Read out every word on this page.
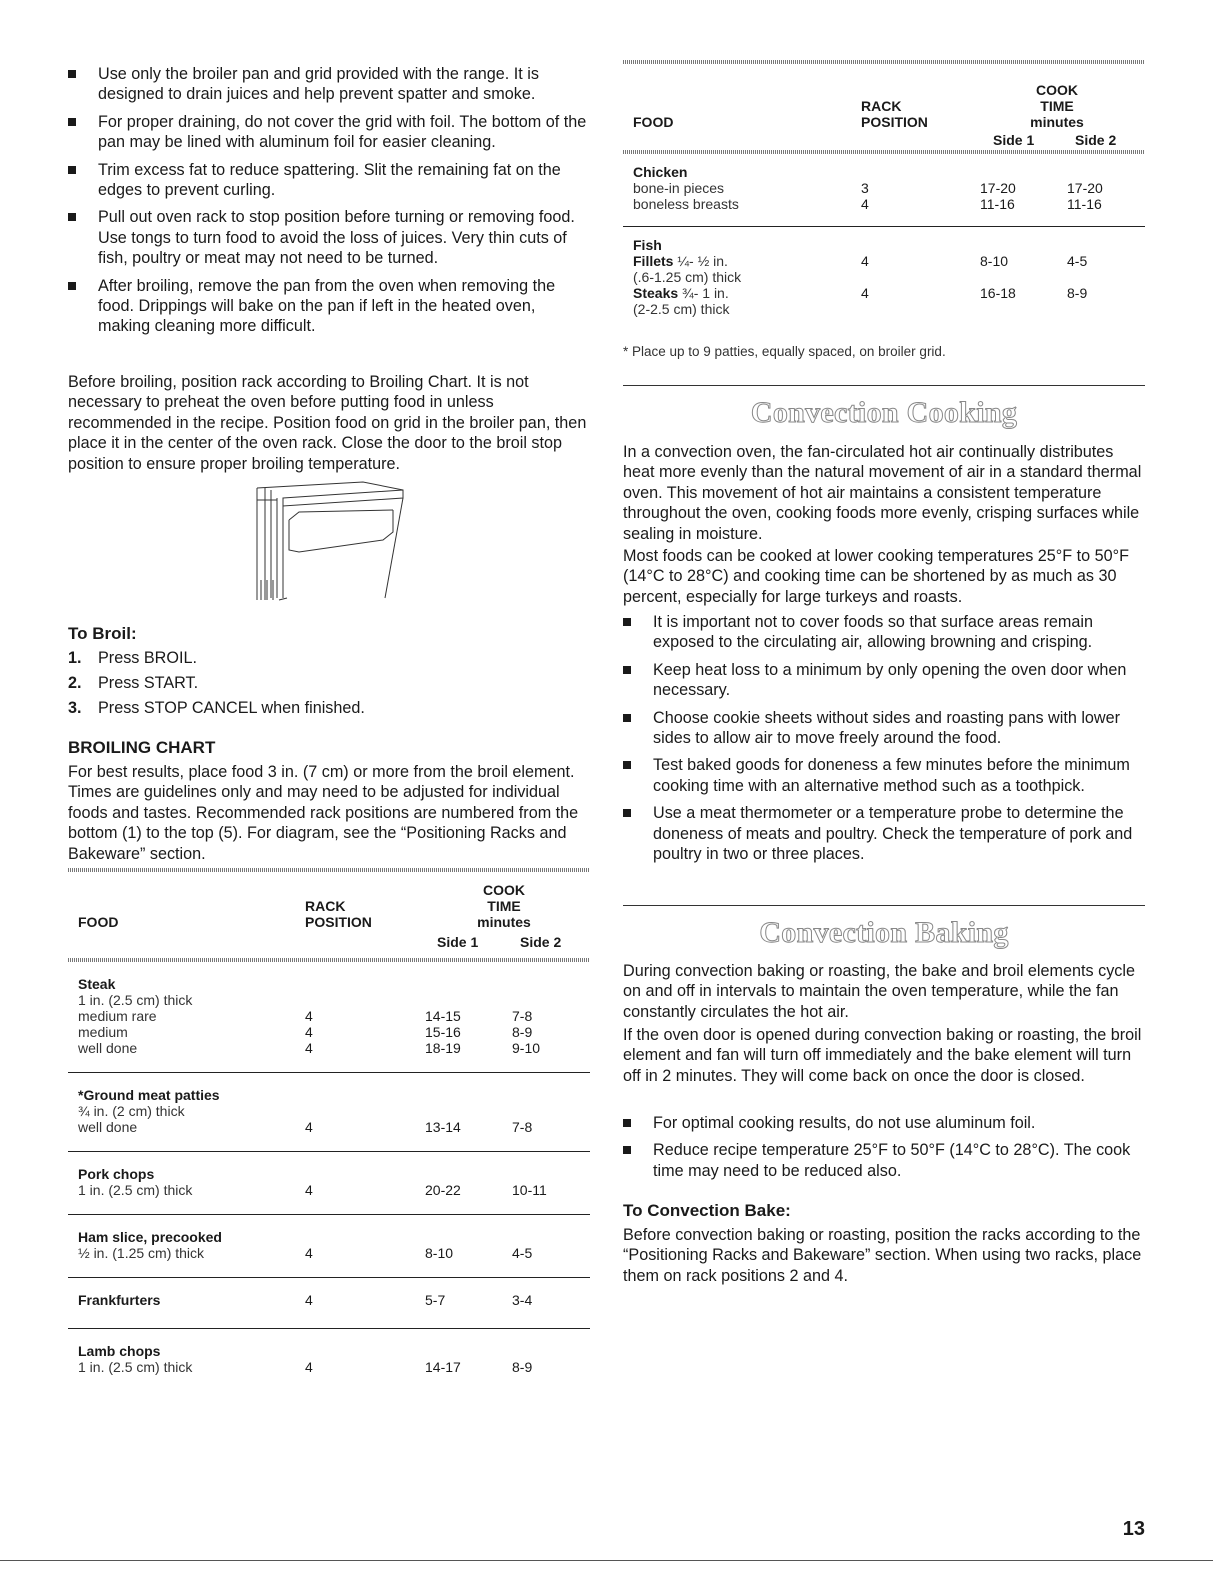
Use only the broiler pan and grid provided with the range. It is designed to drain juices and help prevent spatter and smoke.
For proper draining, do not cover the grid with foil. The bottom of the pan may be lined with aluminum foil for easier cleaning.
Trim excess fat to reduce spattering. Slit the remaining fat on the edges to prevent curling.
Pull out oven rack to stop position before turning or removing food. Use tongs to turn food to avoid the loss of juices. Very thin cuts of fish, poultry or meat may not need to be turned.
After broiling, remove the pan from the oven when removing the food. Drippings will bake on the pan if left in the heated oven, making cleaning more difficult.

Before broiling, position rack according to Broiling Chart. It is not necessary to preheat the oven before putting food in unless recommended in the recipe. Position food on grid in the broiler pan, then place it in the center of the oven rack. Close the door to the broil stop position to ensure proper broiling temperature.

To Broil:
1. Press BROIL.
2. Press START.
3. Press STOP CANCEL when finished.
BROILING CHART

For best results, place food 3 in. (7 cm) or more from the broil element. Times are guidelines only and may need to be adjusted for individual foods and tastes. Recommended rack positions are numbered from the bottom (1) to the top (5). For diagram, see the “Positioning Racks and Bakeware” section.

FOOD
RACK
POSITION
COOK
TIME
minutes
Side 1	Side 2
Steak
1 in. (2.5 cm) thick
medium rare	4	14-15	7-8
medium	4	15-16	8-9
well done	4	18-19	9-10
*Ground meat patties
¾ in. (2 cm) thick
well done	4	13-14	7-8
Pork chops
1 in. (2.5 cm) thick	4	20-22	10-11
Ham slice, precooked
½ in. (1.25 cm) thick	4	8-10	4-5
Frankfurters	4	5-7	3-4
Lamb chops
1 in. (2.5 cm) thick	4	14-17	8-9
FOOD
RACK
POSITION
COOK
TIME
minutes
Side 1	Side 2
Chicken
bone-in pieces	3	17-20	17-20
boneless breasts	4	11-16	11-16
Fish
Fillets ¼- ½ in.	4	8-10	4-5
(.6-1.25 cm) thick
Steaks ¾- 1 in.	4	16-18	8-9
(2-2.5 cm) thick

* Place up to 9 patties, equally spaced, on broiler grid.

Convection Cooking

In a convection oven, the fan-circulated hot air continually distributes heat more evenly than the natural movement of air in a standard thermal oven. This movement of hot air maintains a consistent temperature throughout the oven, cooking foods more evenly, crisping surfaces while sealing in moisture.

Most foods can be cooked at lower cooking temperatures 25°F to 50°F (14°C to 28°C) and cooking time can be shortened by as much as 30 percent, especially for large turkeys and roasts.

It is important not to cover foods so that surface areas remain exposed to the circulating air, allowing browning and crisping.
Keep heat loss to a minimum by only opening the oven door when necessary.
Choose cookie sheets without sides and roasting pans with lower sides to allow air to move freely around the food.
Test baked goods for doneness a few minutes before the minimum cooking time with an alternative method such as a toothpick.
Use a meat thermometer or a temperature probe to determine the doneness of meats and poultry. Check the temperature of pork and poultry in two or three places.
Convection Baking

During convection baking or roasting, the bake and broil elements cycle on and off in intervals to maintain the oven temperature, while the fan constantly circulates the hot air.

If the oven door is opened during convection baking or roasting, the broil element and fan will turn off immediately and the bake element will turn off in 2 minutes. They will come back on once the door is closed.

For optimal cooking results, do not use aluminum foil.
Reduce recipe temperature 25°F to 50°F (14°C to 28°C). The cook time may need to be reduced also.
To Convection Bake:

Before convection baking or roasting, position the racks according to the “Positioning Racks and Bakeware” section. When using two racks, place them on rack positions 2 and 4.

13
